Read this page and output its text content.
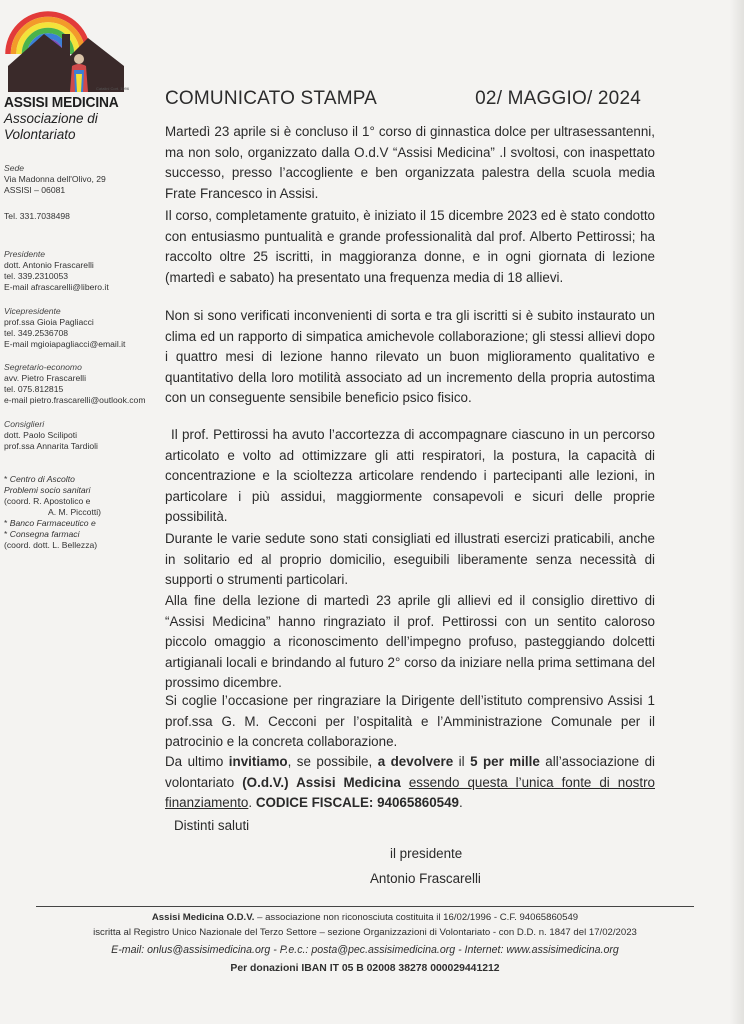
Catalini Cort. 1996
ASSISI MEDICINA
Associazione di
Volontariato
Sede
Via Madonna dell'Olivo, 29
ASSISI – 06081
Tel. 331.7038498
Presidente
dott. Antonio Frascarelli
tel. 339.2310053
E-mail afrascarelli@libero.it
Vicepresidente
prof.ssa Gioia Pagliacci
tel. 349.2536708
E-mail mgioiapagliacci@email.it
Segretario-economo
avv. Pietro Frascarelli
tel. 075.812815
e-mail pietro.frascarelli@outlook.com
Consiglieri
dott. Paolo Scilipoti
prof.ssa Annarita Tardioli
* Centro di Ascolto
Problemi socio sanitari
(coord. R. Apostolico e
A. M. Piccotti)
* Banco Farmaceutico e
* Consegna farmaci
(coord. dott. L. Bellezza)
COMUNICATO STAMPA	02/ MAGGIO/ 2024
Martedì 23 aprile si è concluso il 1° corso di ginnastica dolce per ultrasessantenni, ma non solo, organizzato dalla O.d.V “Assisi Medicina” .l svoltosi, con inaspettato successo, presso l’accogliente e ben organizzata palestra della scuola media Frate Francesco in Assisi.
Il corso, completamente gratuito, è iniziato il 15 dicembre 2023 ed è stato condotto con entusiasmo puntualità e grande professionalità dal prof. Alberto Pettirossi; ha raccolto oltre 25 iscritti, in maggioranza donne, e in ogni giornata di lezione (martedì e sabato) ha presentato una frequenza media di 18 allievi.
Non si sono verificati inconvenienti di sorta e tra gli iscritti si è subito instaurato un clima ed un rapporto di simpatica amichevole collaborazione; gli stessi allievi dopo i quattro mesi di lezione hanno rilevato un buon miglioramento qualitativo e quantitativo della loro motilità associato ad un incremento della propria autostima con un conseguente sensibile beneficio psico fisico.
Il prof. Pettirossi ha avuto l’accortezza di accompagnare ciascuno in un percorso articolato e volto ad ottimizzare gli atti respiratori, la postura, la capacità di concentrazione e la scioltezza articolare rendendo i partecipanti alle lezioni, in particolare i più assidui, maggiormente consapevoli e sicuri delle proprie possibilità.
Durante le varie sedute sono stati consigliati ed illustrati esercizi praticabili, anche in solitario ed al proprio domicilio, eseguibili liberamente senza necessità di supporti o strumenti particolari.
Alla fine della lezione di martedì 23 aprile gli allievi ed il consiglio direttivo di “Assisi Medicina” hanno ringraziato il prof. Pettirossi con un sentito caloroso piccolo omaggio a riconoscimento dell’impegno profuso, pasteggiando dolcetti artigianali locali e brindando al futuro 2° corso da iniziare nella prima settimana del prossimo dicembre.
Si coglie l’occasione per ringraziare la Dirigente dell’istituto comprensivo Assisi 1 prof.ssa G. M. Cecconi per l’ospitalità e l’Amministrazione Comunale per il patrocinio e la concreta collaborazione.
Da ultimo invitiamo, se possibile, a devolvere il 5 per mille all’associazione di volontariato (O.d.V.) Assisi Medicina essendo questa l’unica fonte di nostro finanziamento. CODICE FISCALE: 94065860549.
Distinti saluti
il presidente
Antonio Frascarelli
Assisi Medicina O.D.V. – associazione non riconosciuta costituita il 16/02/1996 - C.F. 94065860549
iscritta al Registro Unico Nazionale del Terzo Settore – sezione Organizzazioni di Volontariato - con D.D. n. 1847 del 17/02/2023
E-mail: onlus@assisimedicina.org - P.e.c.: posta@pec.assisimedicina.org - Internet: www.assisimedicina.org
Per donazioni IBAN IT 05 B 02008 38278 000029441212
